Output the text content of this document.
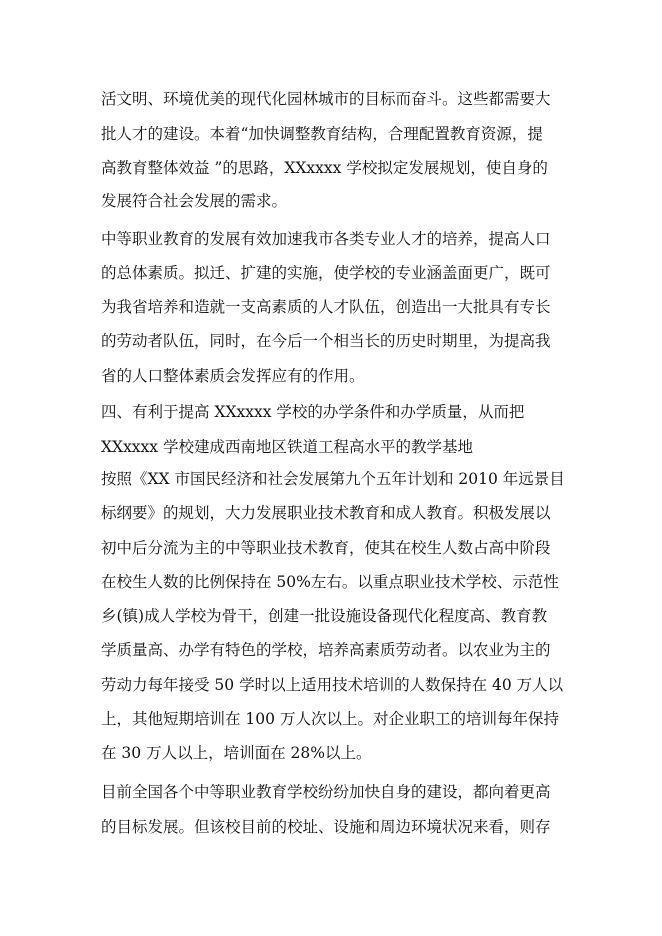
活文明、环境优美的现代化园林城市的目标而奋斗。这些都需要大
批人才的建设。本着“加快调整教育结构，合理配置教育资源，提
高教育整体效益 ”的思路，XXxxxx 学校拟定发展规划，使自身的
发展符合社会发展的需求。
中等职业教育的发展有效加速我市各类专业人才的培养，提高人口
的总体素质。拟迁、扩建的实施，使学校的专业涵盖面更广，既可
为我省培养和造就一支高素质的人才队伍，创造出一大批具有专长
的劳动者队伍，同时，在今后一个相当长的历史时期里，为提高我
省的人口整体素质会发挥应有的作用。
四、有利于提高 XXxxxx 学校的办学条件和办学质量，从而把
XXxxxx 学校建成西南地区铁道工程高水平的教学基地
按照《XX 市国民经济和社会发展第九个五年计划和 2010 年远景目
标纲要》的规划，大力发展职业技术教育和成人教育。积极发展以
初中后分流为主的中等职业技术教育，使其在校生人数占高中阶段
在校生人数的比例保持在 50%左右。以重点职业技术学校、示范性
乡(镇)成人学校为骨干，创建一批设施设备现代化程度高、教育教
学质量高、办学有特色的学校，培养高素质劳动者。以农业为主的
劳动力每年接受 50 学时以上适用技术培训的人数保持在 40 万人以
上，其他短期培训在 100 万人次以上。对企业职工的培训每年保持
在 30 万人以上，培训面在 28%以上。
目前全国各个中等职业教育学校纷纷加快自身的建设，都向着更高
的目标发展。但该校目前的校址、设施和周边环境状况来看，则存
